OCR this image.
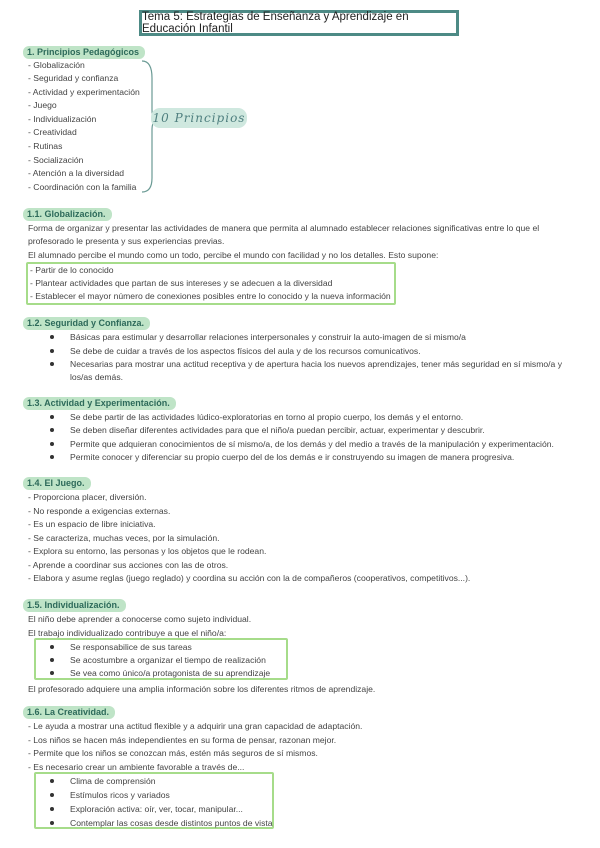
Tema 5: Estrategias de Enseñanza y Aprendizaje en Educación Infantil
1. Principios Pedagógicos
- Globalización
- Seguridad y confianza
- Actividad y experimentación
- Juego
- Individualización
- Creatividad
- Rutinas
- Socialización
- Atención a la diversidad
- Coordinación con la familia
10 Principios
1.1. Globalización.
Forma de organizar y presentar las actividades de manera que permita al alumnado establecer relaciones significativas entre lo que el
profesorado le presenta y sus experiencias previas.
El alumnado percibe el mundo como un todo, percibe el mundo con facilidad y no los detalles. Esto supone:
- Partir de lo conocido
- Plantear actividades que partan de sus intereses y se adecuen a la diversidad
- Establecer el mayor número de conexiones posibles entre lo conocido y la nueva información
1.2. Seguridad y Confianza.
Básicas para estimular y desarrollar relaciones interpersonales y construir la auto-imagen de si mismo/a
Se debe de cuidar a través de los aspectos físicos del aula y de los recursos comunicativos.
Necesarias para mostrar una actitud receptiva y de apertura hacia los nuevos aprendizajes, tener más seguridad en sí mismo/a y
los/as demás.
1.3. Actividad y Experimentación.
Se debe partir de las actividades lúdico-exploratorias en torno al propio cuerpo, los demás y el entorno.
Se deben diseñar diferentes actividades para que el niño/a puedan percibir, actuar, experimentar y descubrir.
Permite que adquieran conocimientos de sí mismo/a, de los demás y del medio a través de la manipulación y experimentación.
Permite conocer y diferenciar su propio cuerpo del de los demás e ir construyendo su imagen de manera progresiva.
1.4. El Juego.
- Proporciona placer, diversión.
- No responde a exigencias externas.
- Es un espacio de libre iniciativa.
- Se caracteriza, muchas veces, por la simulación.
- Explora su entorno, las personas y los objetos que le rodean.
- Aprende a coordinar sus acciones con las de otros.
- Elabora y asume reglas (juego reglado) y coordina su acción con la de compañeros (cooperativos, competitivos...).
1.5. Individualización.
El niño debe aprender a conocerse como sujeto individual.
El trabajo individualizado contribuye a que el niño/a:
Se responsabilice de sus tareas
Se acostumbre a organizar el tiempo de realización
Se vea como único/a protagonista de su aprendizaje
El profesorado adquiere una amplia información sobre los diferentes ritmos de aprendizaje.
1.6. La Creatividad.
- Le ayuda a mostrar una actitud flexible y a adquirir una gran capacidad de adaptación.
- Los niños se hacen más independientes en su forma de pensar, razonan mejor.
- Permite que los niños se conozcan más, estén más seguros de sí mismos.
- Es necesario crear un ambiente favorable a través de...
Clima de comprensión
Estímulos ricos y variados
Exploración activa: oír, ver, tocar, manipular...
Contemplar las cosas desde distintos puntos de vista
